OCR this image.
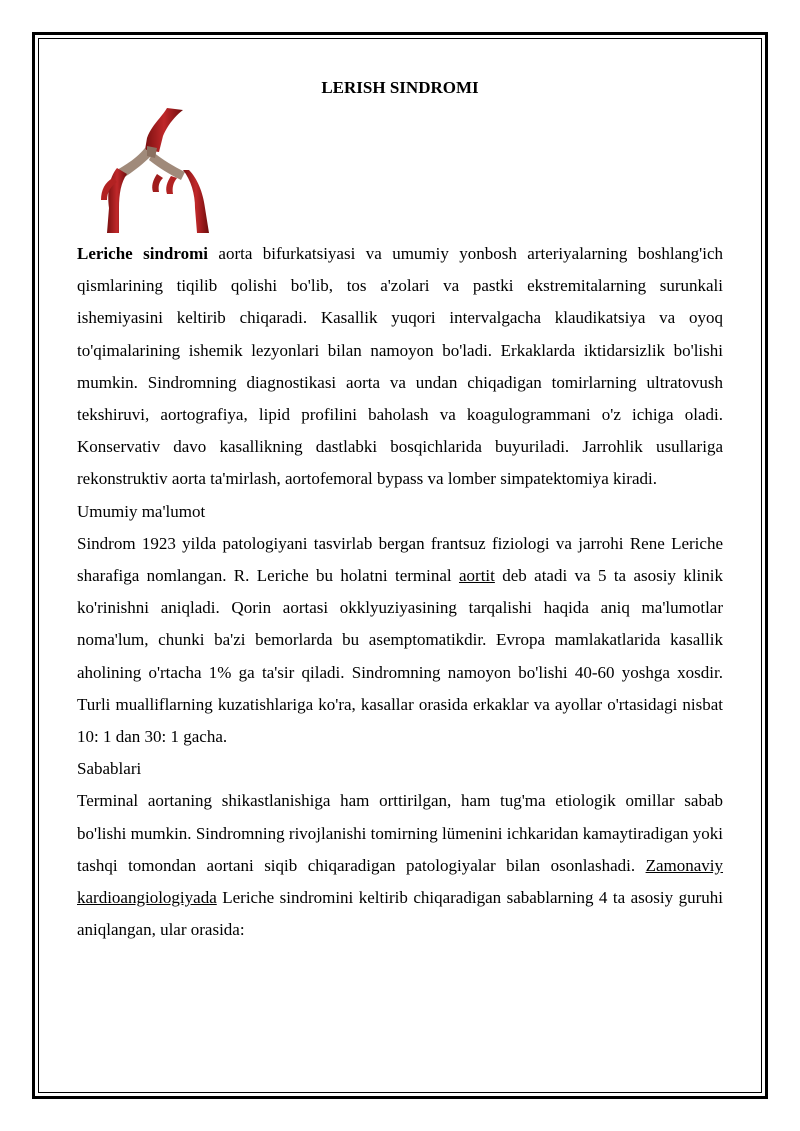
LERISH SINDROMI

Leriche sindromi aorta bifurkatsiyasi va umumiy yonbosh arteriyalarning boshlang'ich qismlarining tiqilib qolishi bo'lib, tos a'zolari va pastki ekstremitalarning surunkali ishemiyasini keltirib chiqaradi. Kasallik yuqori intervalgacha klaudikatsiya va oyoq to'qimalarining ishemik lezyonlari bilan namoyon bo'ladi. Erkaklarda iktidarsizlik bo'lishi mumkin. Sindromning diagnostikasi aorta va undan chiqadigan tomirlarning ultratovush tekshiruvi, aortografiya, lipid profilini baholash va koagulogrammani o'z ichiga oladi. Konservativ davo kasallikning dastlabki bosqichlarida buyuriladi. Jarrohlik usullariga rekonstruktiv aorta ta'mirlash, aortofemoral bypass va lomber simpatektomiya kiradi.

Umumiy ma'lumot

Sindrom 1923 yilda patologiyani tasvirlab bergan frantsuz fiziologi va jarrohi Rene Leriche sharafiga nomlangan. R. Leriche bu holatni terminal aortit deb atadi va 5 ta asosiy klinik ko'rinishni aniqladi. Qorin aortasi okklyuziyasining tarqalishi haqida aniq ma'lumotlar noma'lum, chunki ba'zi bemorlarda bu asemptomatikdir. Evropa mamlakatlarida kasallik aholining o'rtacha 1% ga ta'sir qiladi. Sindromning namoyon bo'lishi 40-60 yoshga xosdir. Turli mualliflarning kuzatishlariga ko'ra, kasallar orasida erkaklar va ayollar o'rtasidagi nisbat 10: 1 dan 30: 1 gacha.

Sabablari

Terminal aortaning shikastlanishiga ham orttirilgan, ham tug'ma etiologik omillar sabab bo'lishi mumkin. Sindromning rivojlanishi tomirning lümenini ichkaridan kamaytiradigan yoki tashqi tomondan aortani siqib chiqaradigan patologiyalar bilan osonlashadi. Zamonaviy kardioangiologiyada Leriche sindromini keltirib chiqaradigan sabablarning 4 ta asosiy guruhi aniqlangan, ular orasida:
